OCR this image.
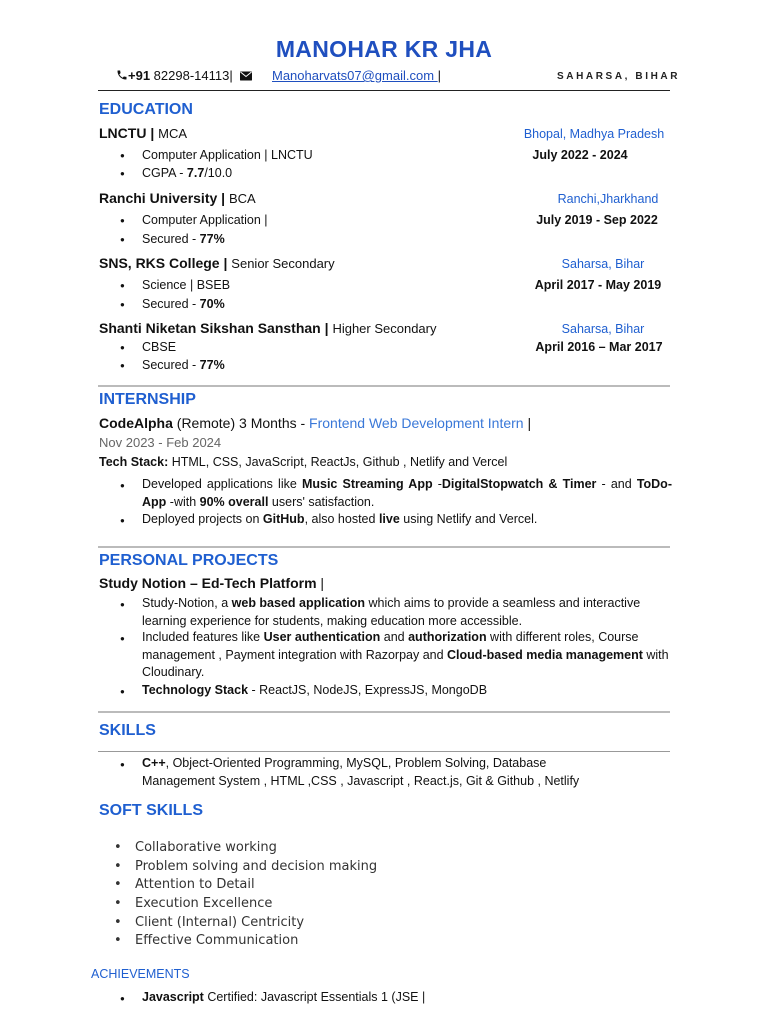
MANOHAR KR JHA
+91 82298-14113|	Manoharvats07@gmail.com |	SAHARSA, BIHAR
EDUCATION
LNCTU | MCA	Bhopal, Madhya Pradesh
● Computer Application | LNCTU	July 2022 - 2024
● CGPA - 7.7/10.0
Ranchi University | BCA	Ranchi,Jharkhand
● Computer Application |	July 2019 - Sep 2022
● Secured - 77%
SNS, RKS College | Senior Secondary	Saharsa, Bihar
● Science | BSEB	April 2017 - May 2019
● Secured - 70%
Shanti Niketan Sikshan Sansthan | Higher Secondary	Saharsa, Bihar
● CBSE	April 2016 – Mar 2017
● Secured - 77%
INTERNSHIP
CodeAlpha (Remote) 3 Months - Frontend Web Development Intern |
Nov 2023 - Feb 2024
Tech Stack: HTML, CSS, JavaScript, ReactJs, Github , Netlify and Vercel
● Developed applications like Music Streaming App -DigitalStopwatch & Timer - and ToDo-App -with 90% overall users' satisfaction.
● Deployed projects on GitHub, also hosted live using Netlify and Vercel.
PERSONAL PROJECTS
Study Notion – Ed-Tech Platform |
● Study-Notion, a web based application which aims to provide a seamless and interactive learning experience for students, making education more accessible.
● Included features like User authentication and authorization with different roles, Course management , Payment integration with Razorpay and Cloud-based media management with Cloudinary.
● Technology Stack - ReactJS, NodeJS, ExpressJS, MongoDB
SKILLS
● C++, Object-Oriented Programming, MySQL, Problem Solving, Database Management System , HTML ,CSS , Javascript , React.js, Git & Github , Netlify
SOFT SKILLS
• Collaborative working
• Problem solving and decision making
• Attention to Detail
• Execution Excellence
• Client (Internal) Centricity
• Effective Communication
ACHIEVEMENTS
● Javascript Certified: Javascript Essentials 1 (JSE |
